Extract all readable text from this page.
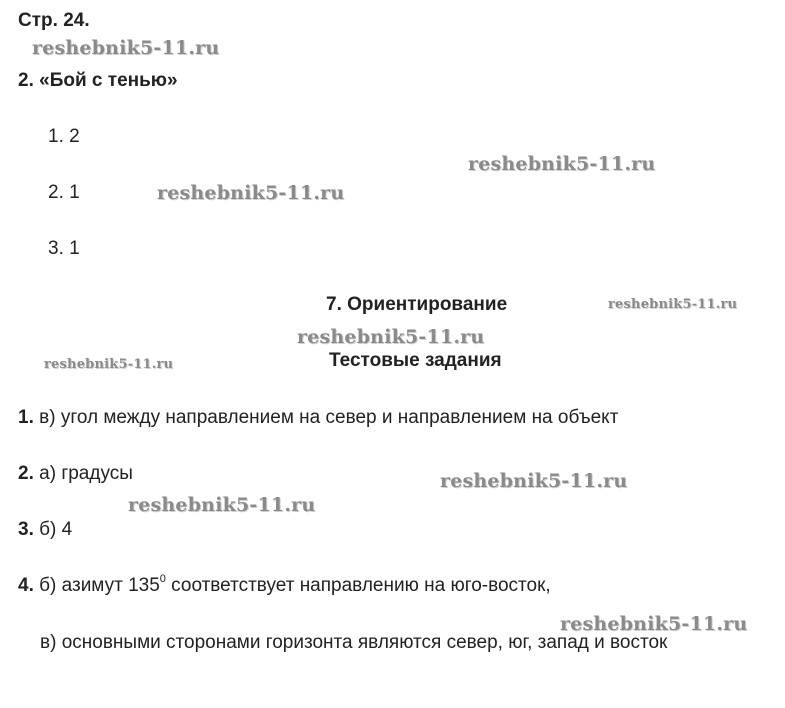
Стр. 24.
2. «Бой с тенью»
1. 2
2. 1
3. 1
7. Ориентирование
Тестовые задания
1. в) угол между направлением на север и направлением на объект
2. а) градусы
3. б) 4
4. б) азимут $135^0$ соответствует направлению на юго-восток,
в) основными сторонами горизонта являются север, юг, запад и восток
reshebnik5-11.ru
reshebnik5-11.ru
reshebnik5-11.ru
reshebnik5-11.ru
reshebnik5-11.ru
reshebnik5-11.ru
reshebnik5-11.ru
reshebnik5-11.ru
reshebnik5-11.ru
